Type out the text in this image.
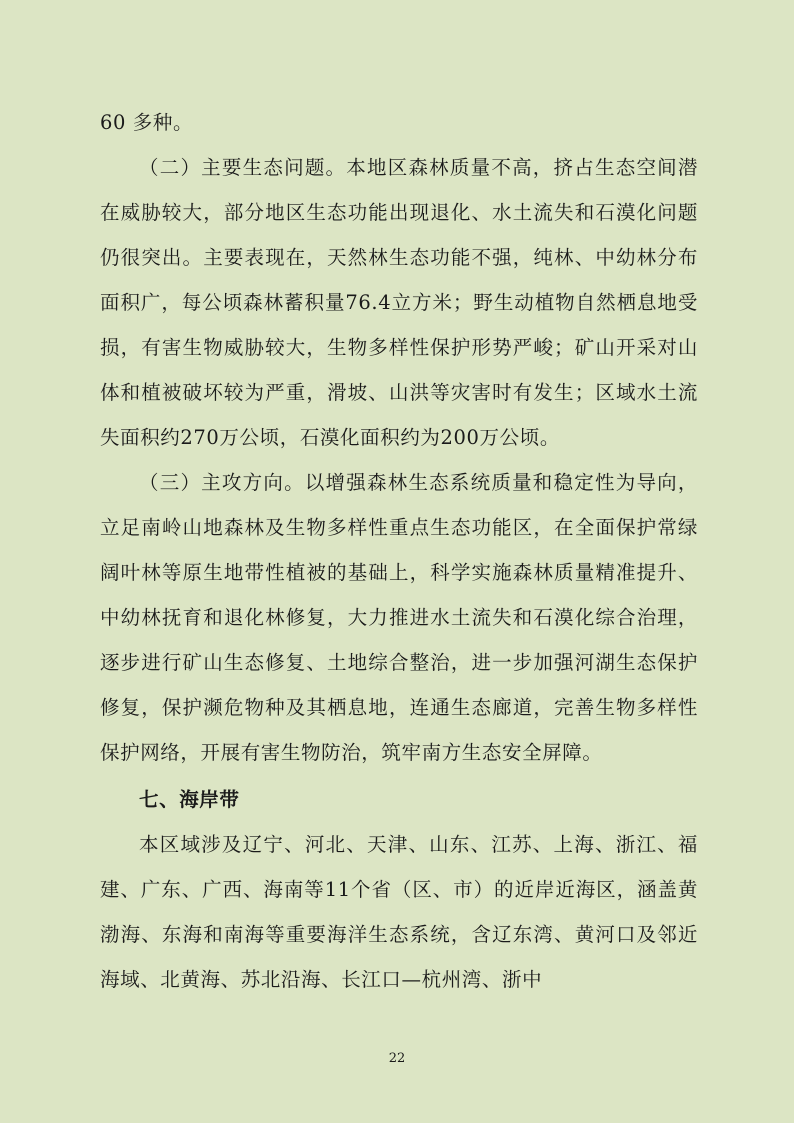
60 多种。

（二）主要生态问题。本地区森林质量不高，挤占生态空间潜在威胁较大，部分地区生态功能出现退化、水土流失和石漠化问题仍很突出。主要表现在，天然林生态功能不强，纯林、中幼林分布面积广，每公顷森林蓄积量76.4立方米；野生动植物自然栖息地受损，有害生物威胁较大，生物多样性保护形势严峻；矿山开采对山体和植被破坏较为严重，滑坡、山洪等灾害时有发生；区域水土流失面积约270万公顷，石漠化面积约为200万公顷。

（三）主攻方向。以增强森林生态系统质量和稳定性为导向，立足南岭山地森林及生物多样性重点生态功能区，在全面保护常绿阔叶林等原生地带性植被的基础上，科学实施森林质量精准提升、中幼林抚育和退化林修复，大力推进水土流失和石漠化综合治理，逐步进行矿山生态修复、土地综合整治，进一步加强河湖生态保护修复，保护濒危物种及其栖息地，连通生态廊道，完善生物多样性保护网络，开展有害生物防治，筑牢南方生态安全屏障。

七、海岸带

本区域涉及辽宁、河北、天津、山东、江苏、上海、浙江、福建、广东、广西、海南等11个省（区、市）的近岸近海区，涵盖黄渤海、东海和南海等重要海洋生态系统，含辽东湾、黄河口及邻近海域、北黄海、苏北沿海、长江口—杭州湾、浙中

22
